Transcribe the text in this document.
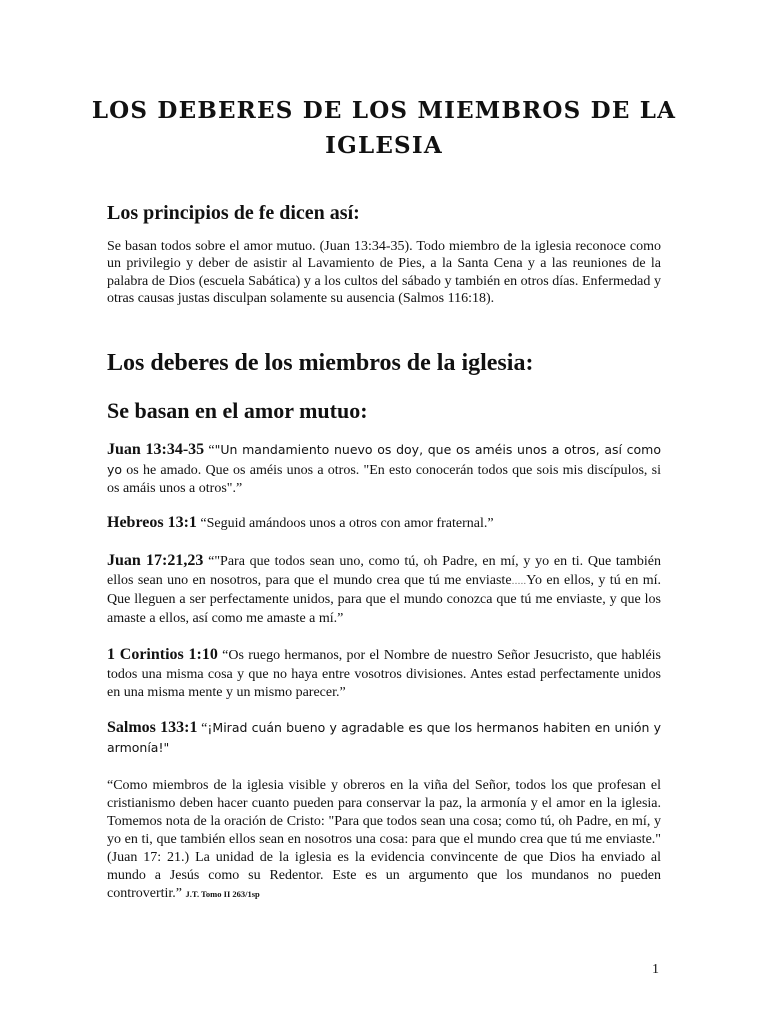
LOS DEBERES DE LOS MIEMBROS DE LA IGLESIA
Los principios de fe dicen así:

Se basan todos sobre el amor mutuo. (Juan 13:34-35). Todo miembro de la iglesia reconoce como un privilegio y deber de asistir al Lavamiento de Pies, a la Santa Cena y a las reuniones de la palabra de Dios (escuela Sabática) y a los cultos del sábado y también en otros días. Enfermedad y otras causas justas disculpan solamente su ausencia (Salmos 116:18).

Los deberes de los miembros de la iglesia:
Se basan en el amor mutuo:

Juan 13:34-35 “"Un mandamiento nuevo os doy, que os améis unos a otros, así como yo os he amado. Que os améis unos a otros. "En esto conocerán todos que sois mis discípulos, si os amáis unos a otros".”

Hebreos 13:1 “Seguid amándoos unos a otros con amor fraternal.”

Juan 17:21,23 “"Para que todos sean uno, como tú, oh Padre, en mí, y yo en ti. Que también ellos sean uno en nosotros, para que el mundo crea que tú me enviaste…..Yo en ellos, y tú en mí. Que lleguen a ser perfectamente unidos, para que el mundo conozca que tú me enviaste, y que los amaste a ellos, así como me amaste a mí.”

1 Corintios 1:10 “Os ruego hermanos, por el Nombre de nuestro Señor Jesucristo, que habléis todos una misma cosa y que no haya entre vosotros divisiones. Antes estad perfectamente unidos en una misma mente y un mismo parecer.”

Salmos 133:1 “¡Mirad cuán bueno y agradable es que los hermanos habiten en unión y armonía!"

“Como miembros de la iglesia visible y obreros en la viña del Señor, todos los que profesan el cristianismo deben hacer cuanto pueden para conservar la paz, la armonía y el amor en la iglesia. Tomemos nota de la oración de Cristo: "Para que todos sean una cosa; como tú, oh Padre, en mí, y yo en ti, que también ellos sean en nosotros una cosa: para que el mundo crea que tú me enviaste." (Juan 17: 21.) La unidad de la iglesia es la evidencia convincente de que Dios ha enviado al mundo a Jesús como su Redentor. Este es un argumento que los mundanos no pueden controvertir.” J.T. Tomo II 263/1sp

1
